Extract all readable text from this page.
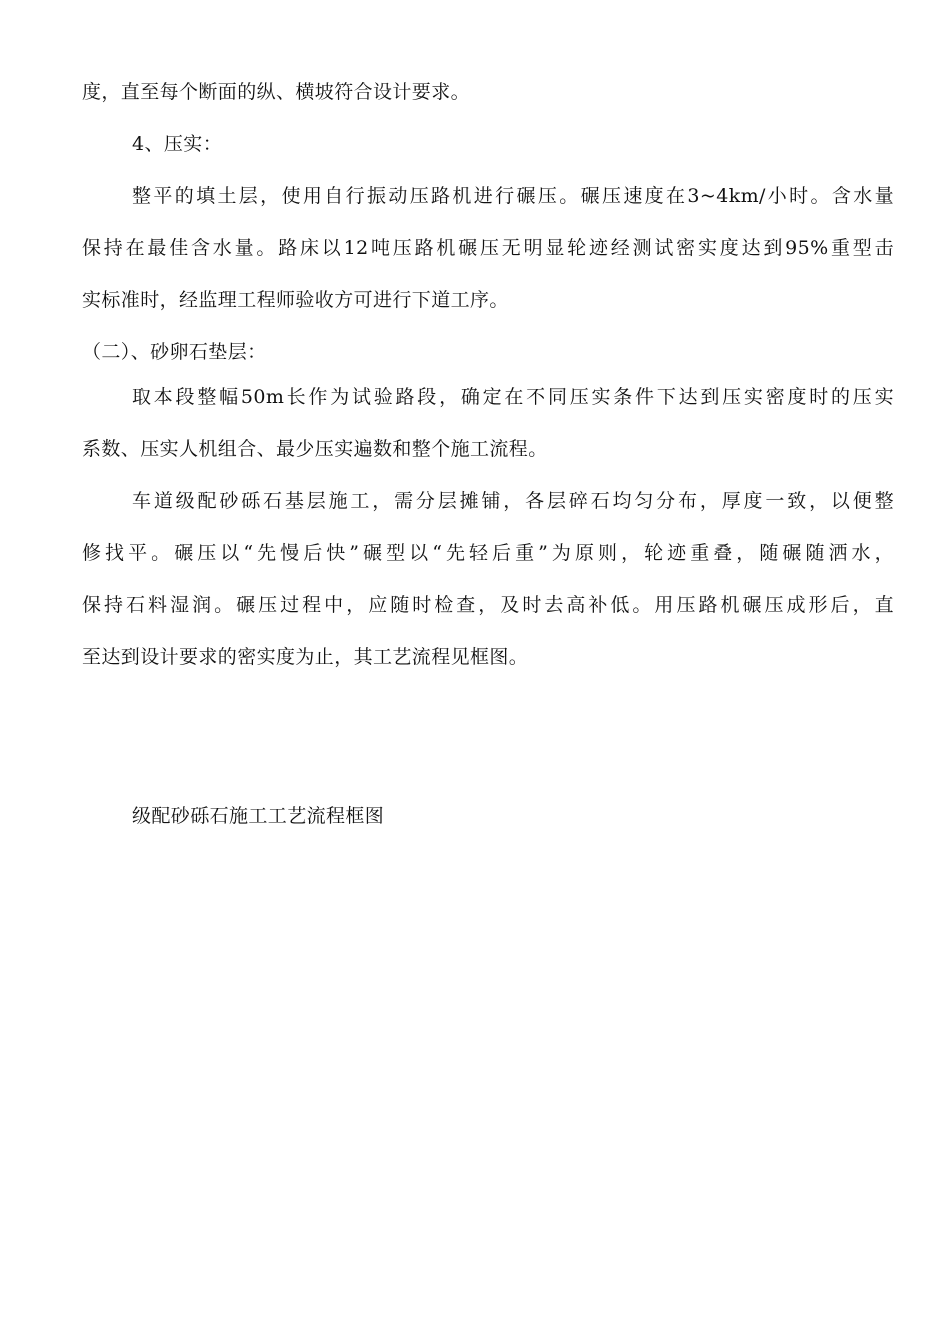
度，直至每个断面的纵、横坡符合设计要求。
4、压实：
整平的填土层，使用自行振动压路机进行碾压。碾压速度在3~4km/小时。含水量
保持在最佳含水量。路床以12吨压路机碾压无明显轮迹经测试密实度达到95%重型击
实标准时，经监理工程师验收方可进行下道工序。
（二）、砂卵石垫层：
取本段整幅50m长作为试验路段，确定在不同压实条件下达到压实密度时的压实
系数、压实人机组合、最少压实遍数和整个施工流程。
车道级配砂砾石基层施工，需分层摊铺，各层碎石均匀分布，厚度一致，以便整
修找平。碾压以“先慢后快”碾型以“先轻后重”为原则，轮迹重叠，随碾随洒水，
保持石料湿润。碾压过程中，应随时检查，及时去高补低。用压路机碾压成形后，直
至达到设计要求的密实度为止，其工艺流程见框图。
级配砂砾石施工工艺流程框图
